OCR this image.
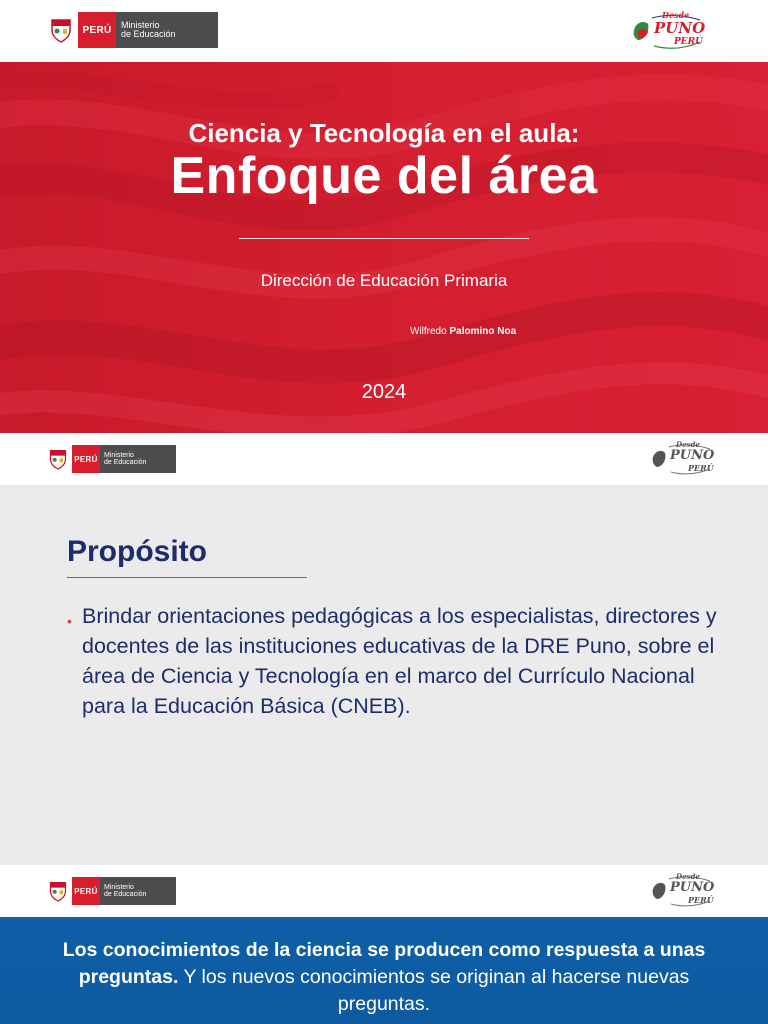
PERÚ	Ministerio
de Educación
Desde
PUNO
PERÚ
Ciencia y Tecnología en el aula:
Enfoque del área
Dirección de Educación Primaria
Wilfredo Palomino Noa
2024
PERÚ Ministerio
de Educación
Desde
PUNO
PERÚ
Propósito
• Brindar orientaciones pedagógicas a los especialistas, directores y docentes de las instituciones educativas de la DRE Puno, sobre el área de Ciencia y Tecnología en el marco del Currículo Nacional para la Educación Básica (CNEB).
PERÚ Ministerio
de Educación
Desde
PUNO
PERÚ
Los conocimientos de la ciencia se producen como respuesta a unas preguntas. Y los nuevos conocimientos se originan al hacerse nuevas preguntas.
